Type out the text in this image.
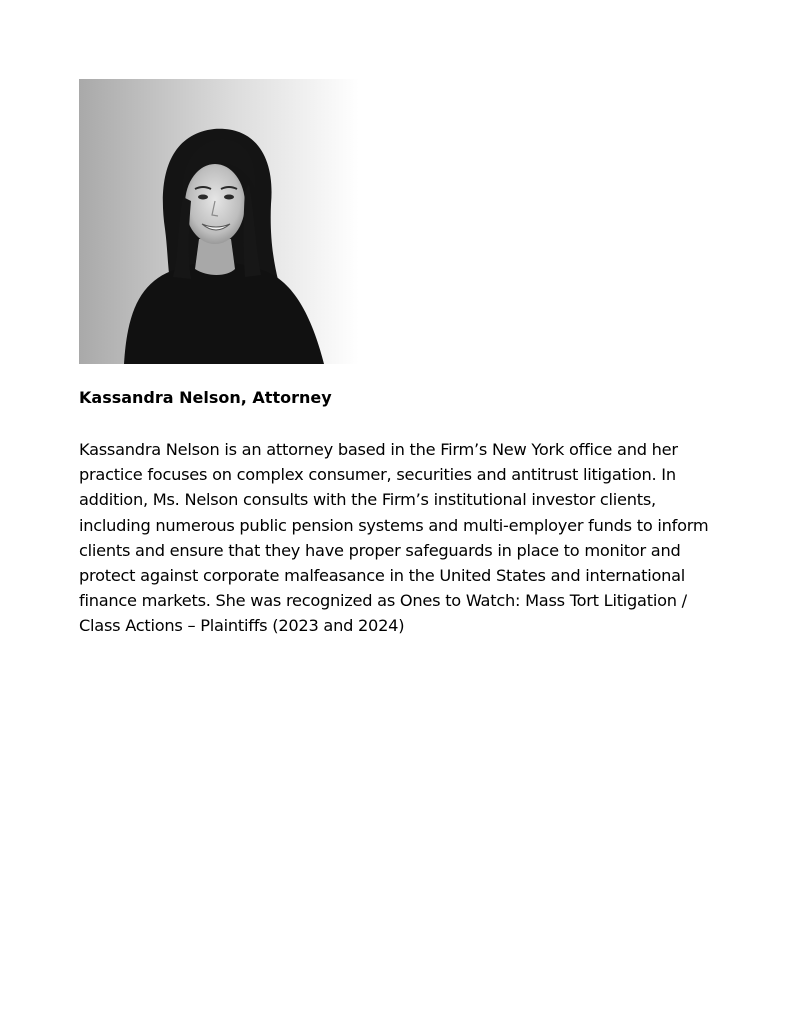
Kassandra Nelson, Attorney

Kassandra Nelson is an attorney based in the Firm’s New York office and her practice focuses on complex consumer, securities and antitrust litigation. In addition, Ms. Nelson consults with the Firm’s institutional investor clients, including numerous public pension systems and multi-employer funds to inform clients and ensure that they have proper safeguards in place to monitor and protect against corporate malfeasance in the United States and international finance markets. She was recognized as Ones to Watch: Mass Tort Litigation / Class Actions – Plaintiffs (2023 and 2024)
